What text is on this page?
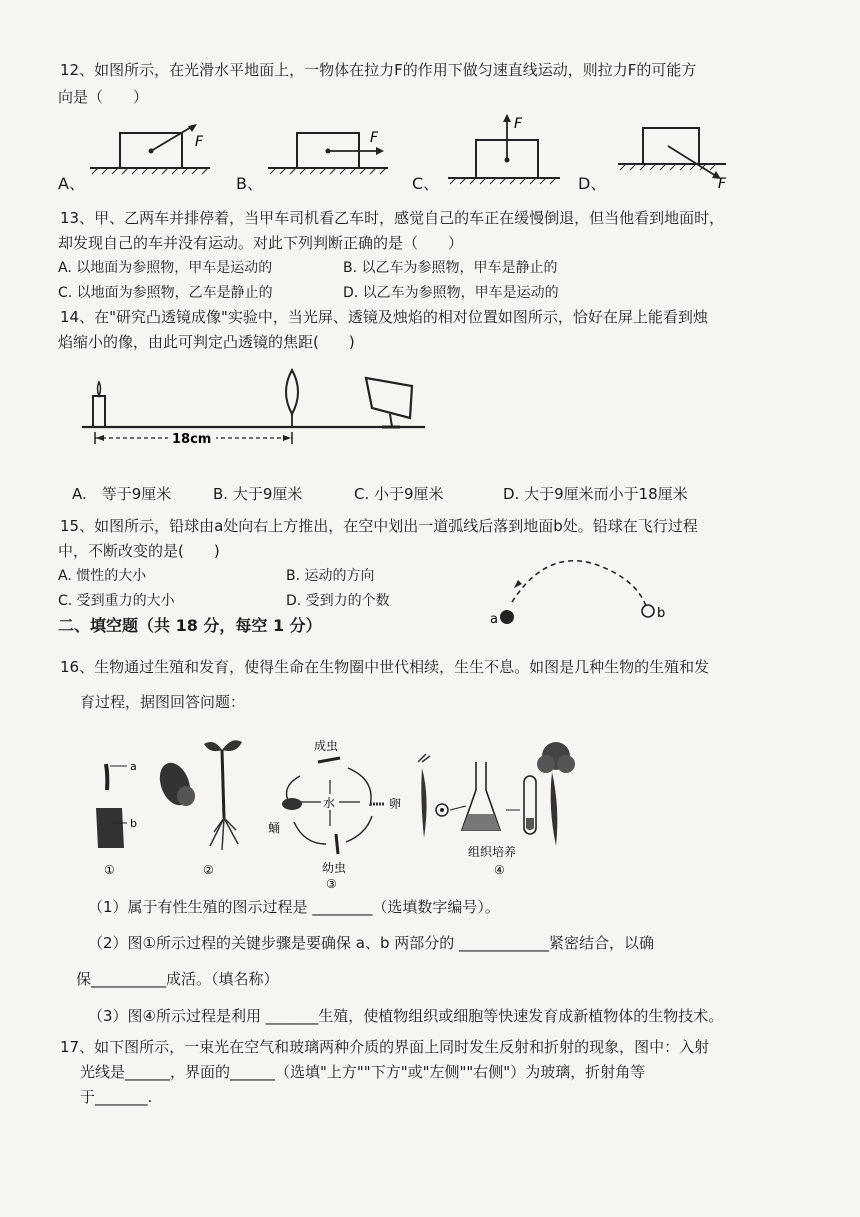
12、如图所示，在光滑水平地面上，一物体在拉力F的作用下做匀速直线运动，则拉力F的可能方
向是（　　）
F	F
F
F
A、	B、	C、	D、
13、甲、乙两车并排停着，当甲车司机看乙车时，感觉自己的车正在缓慢倒退，但当他看到地面时，
却发现自己的车并没有运动。对此下列判断正确的是（　　）
A. 以地面为参照物，甲车是运动的	B. 以乙车为参照物，甲车是静止的
C. 以地面为参照物，乙车是静止的	D. 以乙车为参照物，甲车是运动的
14、在"研究凸透镜成像"实验中，当光屏、透镜及烛焰的相对位置如图所示，恰好在屏上能看到烛
焰缩小的像，由此可判定凸透镜的焦距(　　)
18cm
A.　等于9厘米	B. 大于9厘米	C. 小于9厘米	D. 大于9厘米而小于18厘米
15、如图所示，铅球由a处向右上方推出，在空中划出一道弧线后落到地面b处。铅球在飞行过程
中，不断改变的是(　　)
A. 惯性的大小	B. 运动的方向
C. 受到重力的大小	D. 受到力的个数
a	b
二、填空题（共 18 分，每空 1 分）
16、生物通过生殖和发育，使得生命在生物圈中世代相续，生生不息。如图是几种生物的生殖和发
育过程，据图回答问题：
a
b
①	②
成虫
水
蛹
卵
幼虫
③
组织培养
④
（1）属于有性生殖的图示过程是 ________（选填数字编号）。
（2）图①所示过程的关键步骤是要确保 a、b 两部分的 ____________紧密结合，以确
保__________成活。（填名称）
（3）图④所示过程是利用 _______生殖，使植物组织或细胞等快速发育成新植物体的生物技术。
17、如下图所示，一束光在空气和玻璃两种介质的界面上同时发生反射和折射的现象，图中：入射
光线是______，界面的______（选填"上方""下方"或"左侧""右侧"）为玻璃，折射角等
于_______.
